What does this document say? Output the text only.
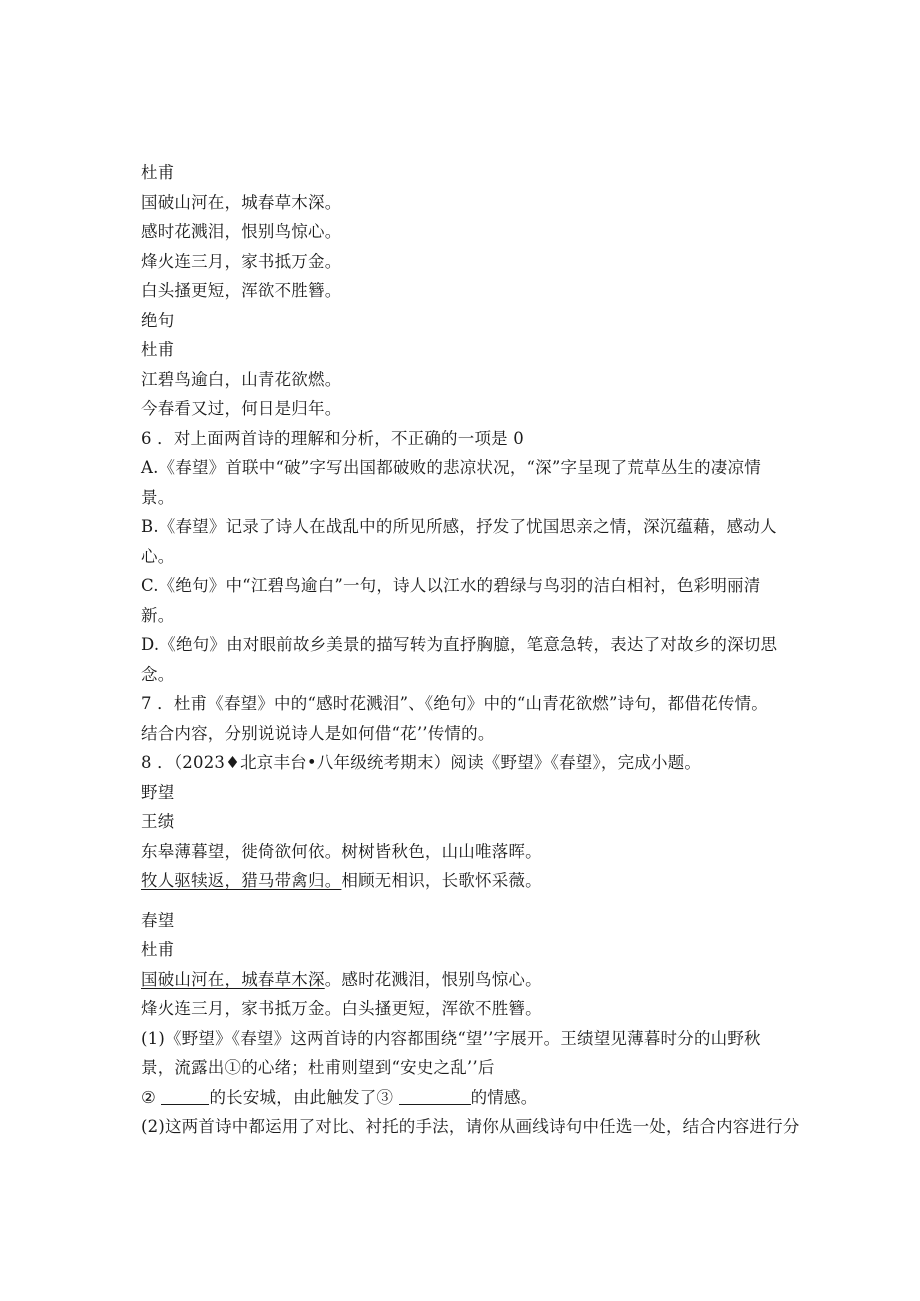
杜甫
国破山河在，城春草木深。
感时花溅泪，恨别鸟惊心。
烽火连三月，家书抵万金。
白头搔更短，浑欲不胜簪。
绝句
杜甫
江碧鸟逾白，山青花欲燃。
今春看又过，何日是归年。
6 ．对上面两首诗的理解和分析，不正确的一项是 0
A.《春望》首联中“破”字写出国都破败的悲凉状况，“深”字呈现了荒草丛生的凄凉情
景。
B.《春望》记录了诗人在战乱中的所见所感，抒发了忧国思亲之情，深沉蕴藉，感动人
心。
C.《绝句》中“江碧鸟逾白”一句，诗人以江水的碧绿与鸟羽的洁白相衬，色彩明丽清
新。
D.《绝句》由对眼前故乡美景的描写转为直抒胸臆，笔意急转，表达了对故乡的深切思
念。
7 ．杜甫《春望》中的“感时花溅泪”、《绝句》中的“山青花欲燃”诗句，都借花传情。
结合内容，分别说说诗人是如何借“花’’传情的。
8 ．（2023♦北京丰台•八年级统考期末）阅读《野望》《春望》，完成小题。
野望
王绩
东皋薄暮望，徙倚欲何依。树树皆秋色，山山唯落晖。
牧人驱犊返，猎马带禽归。相顾无相识，长歌怀采薇。
春望
杜甫
国破山河在，城春草木深。感时花溅泪，恨别鸟惊心。
烽火连三月，家书抵万金。白头搔更短，浑欲不胜簪。
(1)《野望》《春望》这两首诗的内容都围绕“望’’字展开。王绩望见薄暮时分的山野秋
景，流露出①的心绪；杜甫则望到“安史之乱’’后
②	的长安城，由此触发了③	的情感。
(2)这两首诗中都运用了对比、衬托的手法，请你从画线诗句中任选一处，结合内容进行分
